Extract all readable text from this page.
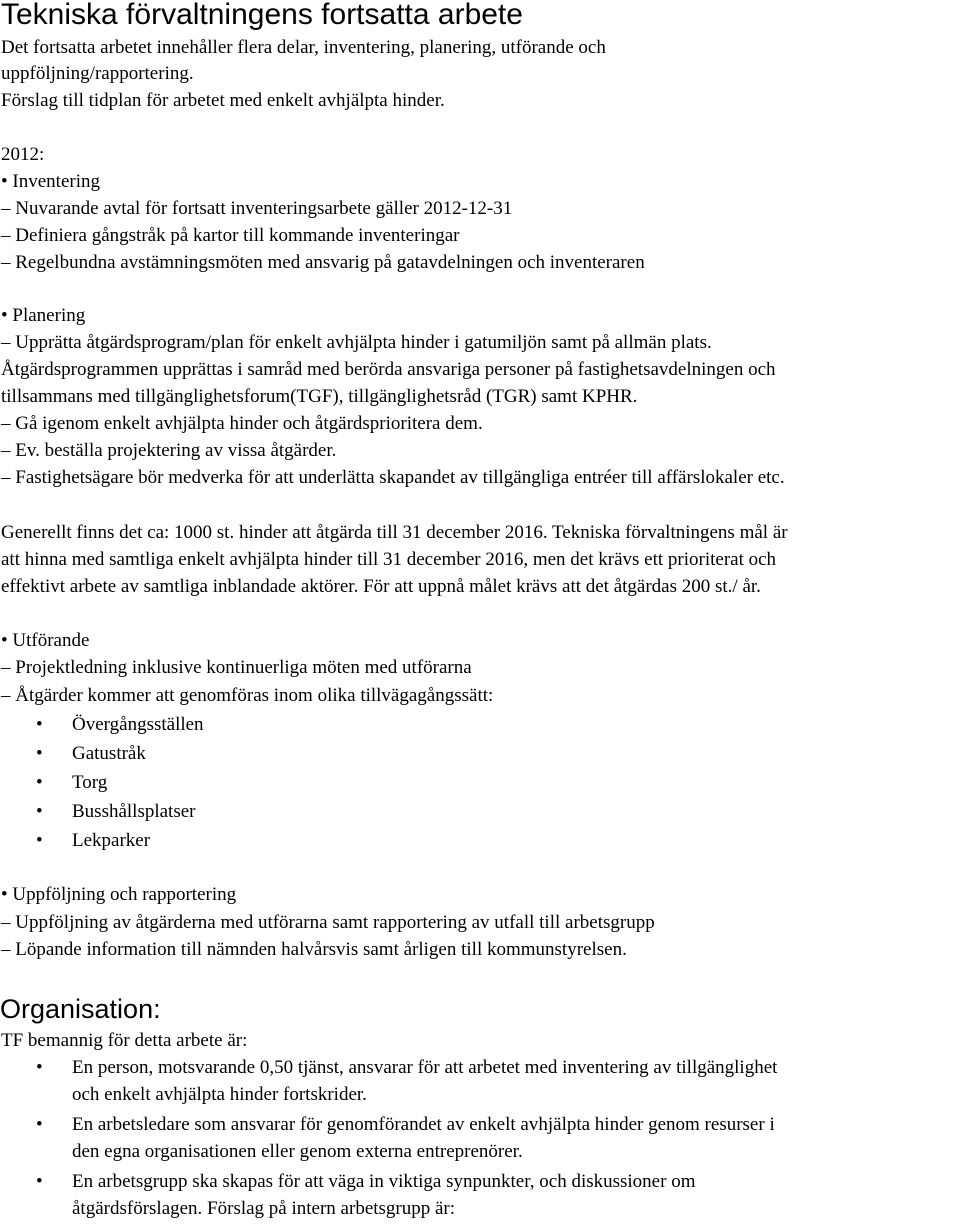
Tekniska förvaltningens fortsatta arbete

Det fortsatta arbetet innehåller flera delar, inventering, planering, utförande och

uppföljning/rapportering.

Förslag till tidplan för arbetet med enkelt avhjälpta hinder.

2012:

• Inventering

– Nuvarande avtal för fortsatt inventeringsarbete gäller 2012-12-31

– Definiera gångstråk på kartor till kommande inventeringar

– Regelbundna avstämningsmöten med ansvarig på gatavdelningen och inventeraren

• Planering

– Upprätta åtgärdsprogram/plan för enkelt avhjälpta hinder i gatumiljön samt på allmän plats.

Åtgärdsprogrammen upprättas i samråd med berörda ansvariga personer på fastighetsavdelningen och

tillsammans med tillgänglighetsforum(TGF), tillgänglighetsråd (TGR) samt KPHR.

– Gå igenom enkelt avhjälpta hinder och åtgärdsprioritera dem.

– Ev. beställa projektering av vissa åtgärder.

– Fastighetsägare bör medverka för att underlätta skapandet av tillgängliga entréer till affärslokaler etc.

Generellt finns det ca: 1000 st. hinder att åtgärda till 31 december 2016. Tekniska förvaltningens mål är

att hinna med samtliga enkelt avhjälpta hinder till 31 december 2016, men det krävs ett prioriterat och

effektivt arbete av samtliga inblandade aktörer. För att uppnå målet krävs att det åtgärdas 200 st./ år.

• Utförande

– Projektledning inklusive kontinuerliga möten med utförarna

– Åtgärder kommer att genomföras inom olika tillvägagångssätt:

• Övergångsställen

• Gatustråk

• Torg

• Busshållsplatser

• Lekparker

• Uppföljning och rapportering

– Uppföljning av åtgärderna med utförarna samt rapportering av utfall till arbetsgrupp

– Löpande information till nämnden halvårsvis samt årligen till kommunstyrelsen.

Organisation:

TF bemannig för detta arbete är:

• En person, motsvarande 0,50 tjänst, ansvarar för att arbetet med inventering av tillgänglighet

och enkelt avhjälpta hinder fortskrider.

• En arbetsledare som ansvarar för genomförandet av enkelt avhjälpta hinder genom resurser i

den egna organisationen eller genom externa entreprenörer.

• En arbetsgrupp ska skapas för att väga in viktiga synpunkter, och diskussioner om

åtgärdsförslagen. Förslag på intern arbetsgrupp är:
